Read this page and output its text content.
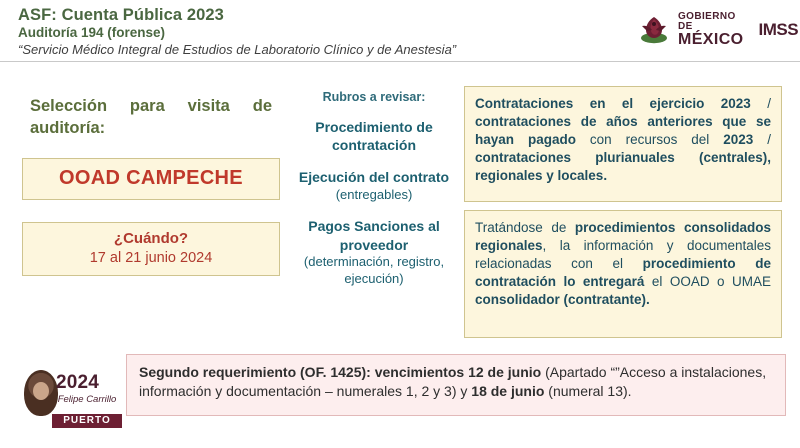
ASF: Cuenta Pública 2023
Auditoría 194 (forense)
“Servicio Médico Integral de Estudios de Laboratorio Clínico y de Anestesia”
GOBIERNO DE
MÉXICO
IMSS
Selección para visita de auditoría:
OOAD CAMPECHE
¿Cuándo?
17 al 21 junio 2024
Rubros a revisar:
Procedimiento de contratación
Ejecución del contrato
(entregables)
Pagos Sanciones al proveedor
(determinación, registro, ejecución)
Contrataciones en el ejercicio 2023 / contrataciones de años anteriores que se hayan pagado con recursos del 2023 / contrataciones plurianuales (centrales), regionales y locales.
Tratándose de procedimientos consolidados regionales, la información y documentales relacionadas con el procedimiento de contratación lo entregará el OOAD o UMAE consolidador (contratante).
Segundo requerimiento (OF. 1425): vencimientos 12 de junio (Apartado “”Acceso a instalaciones, información y documentación – numerales 1, 2 y 3) y 18 de junio (numeral 13).
2024
Felipe Carrillo
PUERTO
